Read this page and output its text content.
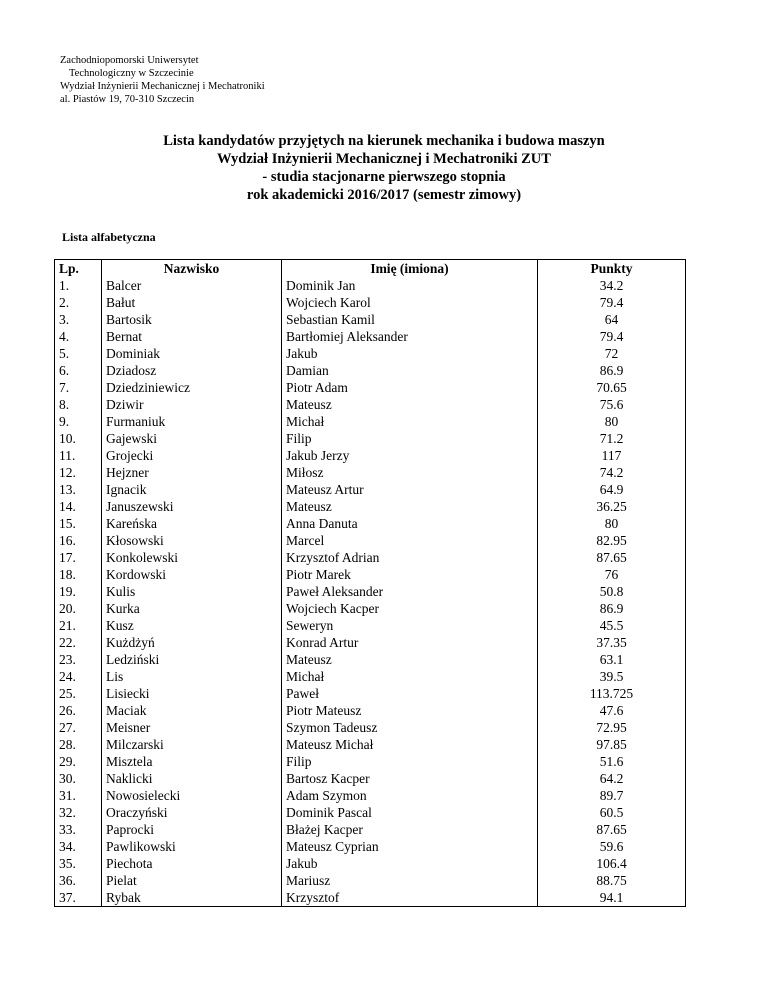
Zachodniopomorski Uniwersytet
Technologiczny w Szczecinie
Wydział Inżynierii Mechanicznej i Mechatroniki
al. Piastów 19, 70-310 Szczecin
Lista kandydatów przyjętych na kierunek mechanika i budowa maszyn
Wydział Inżynierii Mechanicznej i Mechatroniki ZUT
- studia stacjonarne pierwszego stopnia
rok akademicki 2016/2017 (semestr zimowy)
Lista alfabetyczna
Lp.	Nazwisko	Imię (imiona)	Punkty
1.	Balcer	Dominik Jan	34.2
2.	Bałut	Wojciech Karol	79.4
3.	Bartosik	Sebastian Kamil	64
4.	Bernat	Bartłomiej Aleksander	79.4
5.	Dominiak	Jakub	72
6.	Dziadosz	Damian	86.9
7.	Dziedziniewicz	Piotr Adam	70.65
8.	Dziwir	Mateusz	75.6
9.	Furmaniuk	Michał	80
10.	Gajewski	Filip	71.2
11.	Grojecki	Jakub Jerzy	117
12.	Hejzner	Miłosz	74.2
13.	Ignacik	Mateusz Artur	64.9
14.	Januszewski	Mateusz	36.25
15.	Kareńska	Anna Danuta	80
16.	Kłosowski	Marcel	82.95
17.	Konkolewski	Krzysztof Adrian	87.65
18.	Kordowski	Piotr Marek	76
19.	Kulis	Paweł Aleksander	50.8
20.	Kurka	Wojciech Kacper	86.9
21.	Kusz	Seweryn	45.5
22.	Kużdżyń	Konrad Artur	37.35
23.	Ledziński	Mateusz	63.1
24.	Lis	Michał	39.5
25.	Lisiecki	Paweł	113.725
26.	Maciak	Piotr Mateusz	47.6
27.	Meisner	Szymon Tadeusz	72.95
28.	Milczarski	Mateusz Michał	97.85
29.	Misztela	Filip	51.6
30.	Naklicki	Bartosz Kacper	64.2
31.	Nowosielecki	Adam Szymon	89.7
32.	Oraczyński	Dominik Pascal	60.5
33.	Paprocki	Błażej Kacper	87.65
34.	Pawlikowski	Mateusz Cyprian	59.6
35.	Piechota	Jakub	106.4
36.	Pielat	Mariusz	88.75
37.	Rybak	Krzysztof	94.1
